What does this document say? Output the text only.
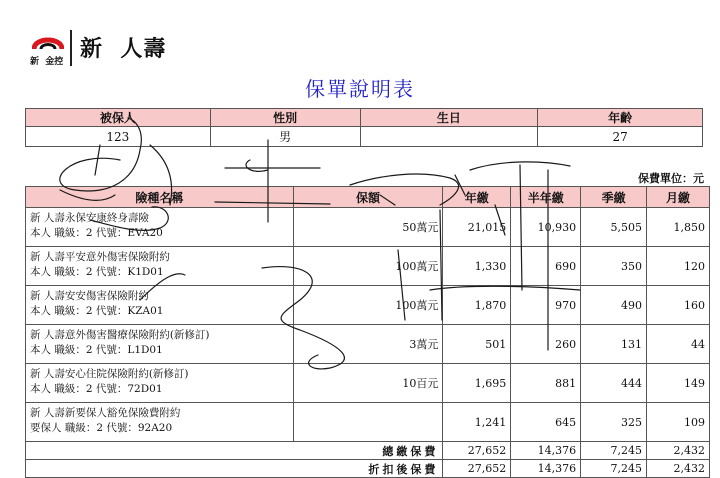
新  金控 新  人壽
保單說明表
被保人	性別	生日	年齡
123	男		27
保費單位：元
險種名稱	保額	年繳	半年繳	季繳	月繳

新 人壽永保安康終身壽險
本人 職級：2 代號：EVA20	50萬元	21,015	10,930	5,505	1,850

新 人壽平安意外傷害保險附約
本人 職級：2 代號：K1D01	100萬元	1,330	690	350	120

新 人壽安安傷害保險附約
本人 職級：2 代號：KZA01	100萬元	1,870	970	490	160

新 人壽意外傷害醫療保險附約(新修訂)
本人 職級：2 代號：L1D01	3萬元	501	260	131	44

新 人壽安心住院保險附約(新修訂)
本人 職級：2 代號：72D01	10百元	1,695	881	444	149

新 人壽新要保人豁免保險費附約
要保人 職級：2 代號：92A20		1,241	645	325	109
總繳保費		27,652	14,376	7,245	2,432
折扣後保費		27,652	14,376	7,245	2,432
